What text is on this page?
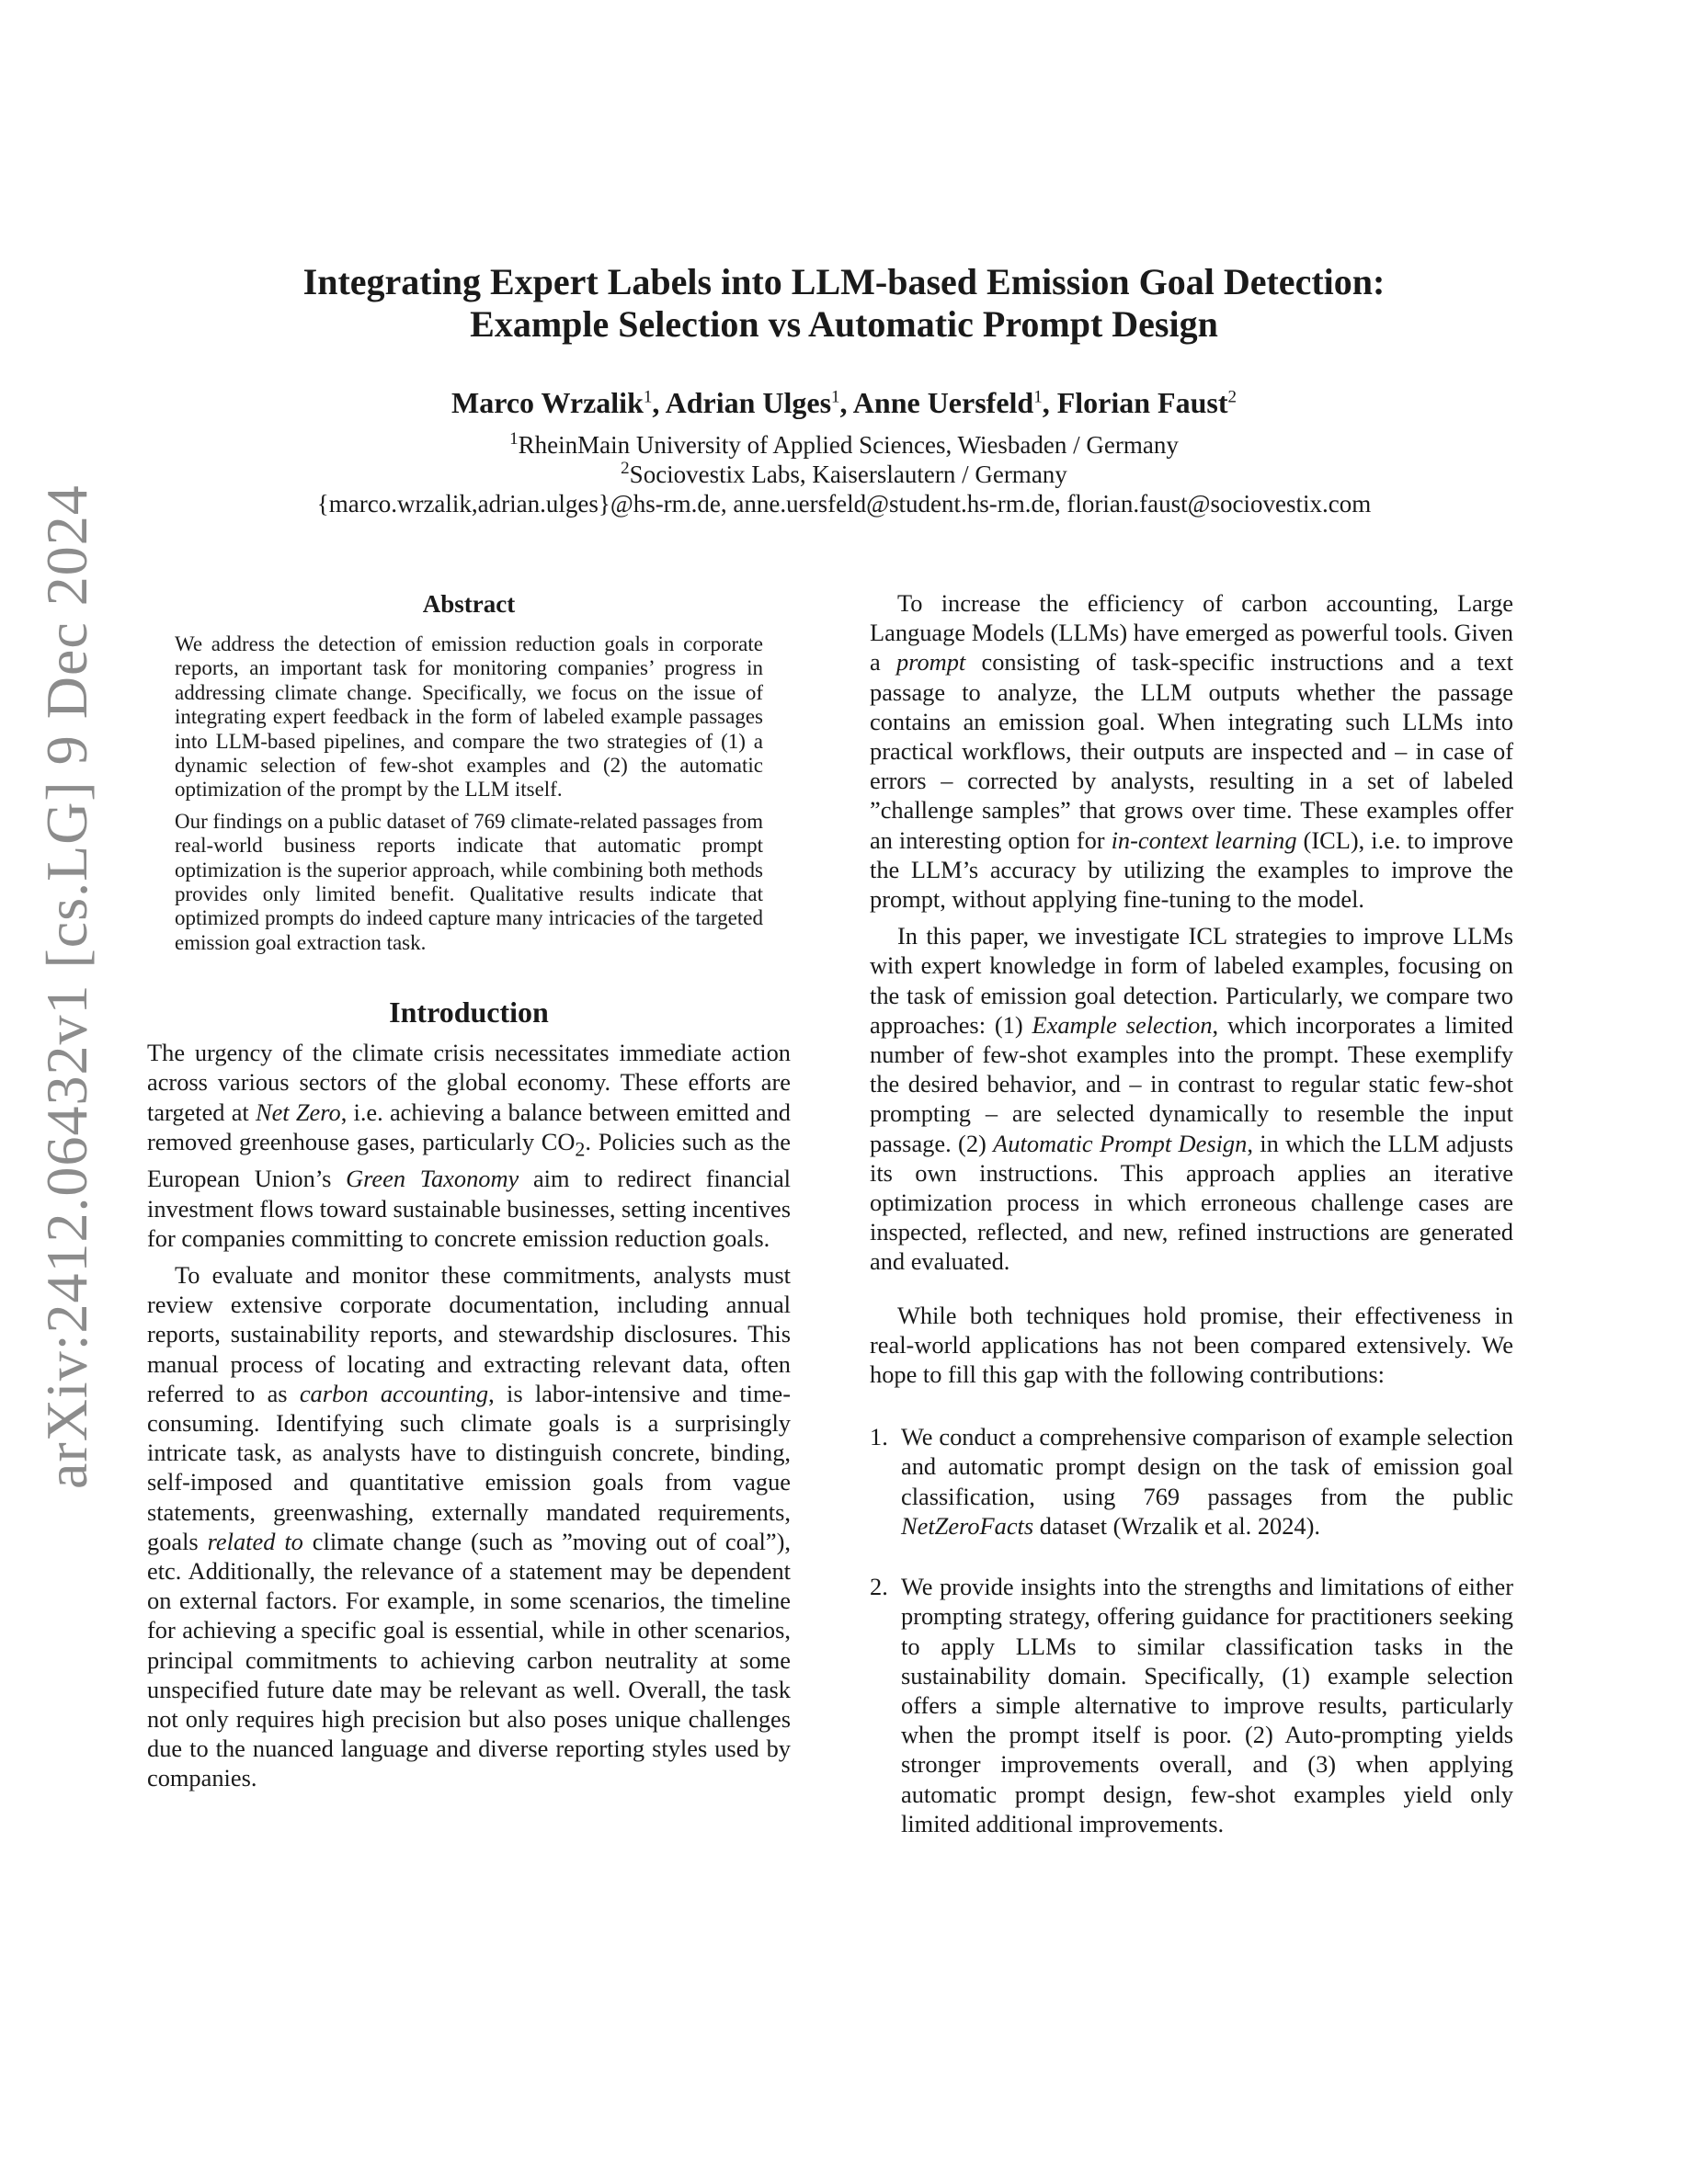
arXiv:2412.06432v1 [cs.LG] 9 Dec 2024
Integrating Expert Labels into LLM-based Emission Goal Detection:
Example Selection vs Automatic Prompt Design
Marco Wrzalik$^1$, Adrian Ulges$^1$, Anne Uersfeld$^1$, Florian Faust$^2$
$^1$RheinMain University of Applied Sciences, Wiesbaden / Germany
$^2$Sociovestix Labs, Kaiserslautern / Germany
{marco.wrzalik,adrian.ulges}@hs-rm.de, anne.uersfeld@student.hs-rm.de, florian.faust@sociovestix.com
Abstract

We address the detection of emission reduction goals in corporate reports, an important task for monitoring companies’ progress in addressing climate change. Specifically, we focus on the issue of integrating expert feedback in the form of labeled example passages into LLM-based pipelines, and compare the two strategies of (1) a dynamic selection of few-shot examples and (2) the automatic optimization of the prompt by the LLM itself.

Our findings on a public dataset of 769 climate-related passages from real-world business reports indicate that automatic prompt optimization is the superior approach, while combining both methods provides only limited benefit. Qualitative results indicate that optimized prompts do indeed capture many intricacies of the targeted emission goal extraction task.

Introduction

The urgency of the climate crisis necessitates immediate action across various sectors of the global economy. These efforts are targeted at Net Zero, i.e. achieving a balance between emitted and removed greenhouse gases, particularly $CO_2$. Policies such as the European Union’s Green Taxonomy aim to redirect financial investment flows toward sustainable businesses, setting incentives for companies committing to concrete emission reduction goals.

To evaluate and monitor these commitments, analysts must review extensive corporate documentation, including annual reports, sustainability reports, and stewardship disclosures. This manual process of locating and extracting relevant data, often referred to as carbon accounting, is labor-intensive and time-consuming. Identifying such climate goals is a surprisingly intricate task, as analysts have to distinguish concrete, binding, self-imposed and quantitative emission goals from vague statements, greenwashing, externally mandated requirements, goals related to climate change (such as ”moving out of coal”), etc. Additionally, the relevance of a statement may be dependent on external factors. For example, in some scenarios, the timeline for achieving a specific goal is essential, while in other scenarios, principal commitments to achieving carbon neutrality at some unspecified future date may be relevant as well. Overall, the task not only requires high precision but also poses unique challenges due to the nuanced language and diverse reporting styles used by companies.

To increase the efficiency of carbon accounting, Large Language Models (LLMs) have emerged as powerful tools. Given a prompt consisting of task-specific instructions and a text passage to analyze, the LLM outputs whether the passage contains an emission goal. When integrating such LLMs into practical workflows, their outputs are inspected and – in case of errors – corrected by analysts, resulting in a set of labeled ”challenge samples” that grows over time. These examples offer an interesting option for in-context learning (ICL), i.e. to improve the LLM’s accuracy by utilizing the examples to improve the prompt, without applying fine-tuning to the model.

In this paper, we investigate ICL strategies to improve LLMs with expert knowledge in form of labeled examples, focusing on the task of emission goal detection. Particularly, we compare two approaches: (1) Example selection, which incorporates a limited number of few-shot examples into the prompt. These exemplify the desired behavior, and – in contrast to regular static few-shot prompting – are selected dynamically to resemble the input passage. (2) Automatic Prompt Design, in which the LLM adjusts its own instructions. This approach applies an iterative optimization process in which erroneous challenge cases are inspected, reflected, and new, refined instructions are generated and evaluated.

While both techniques hold promise, their effectiveness in real-world applications has not been compared extensively. We hope to fill this gap with the following contributions:

1. We conduct a comprehensive comparison of example selection and automatic prompt design on the task of emission goal classification, using 769 passages from the public NetZeroFacts dataset (Wrzalik et al. 2024).
2. We provide insights into the strengths and limitations of either prompting strategy, offering guidance for practitioners seeking to apply LLMs to similar classification tasks in the sustainability domain. Specifically, (1) example selection offers a simple alternative to improve results, particularly when the prompt itself is poor. (2) Auto-prompting yields stronger improvements overall, and (3) when applying automatic prompt design, few-shot examples yield only limited additional improvements.
